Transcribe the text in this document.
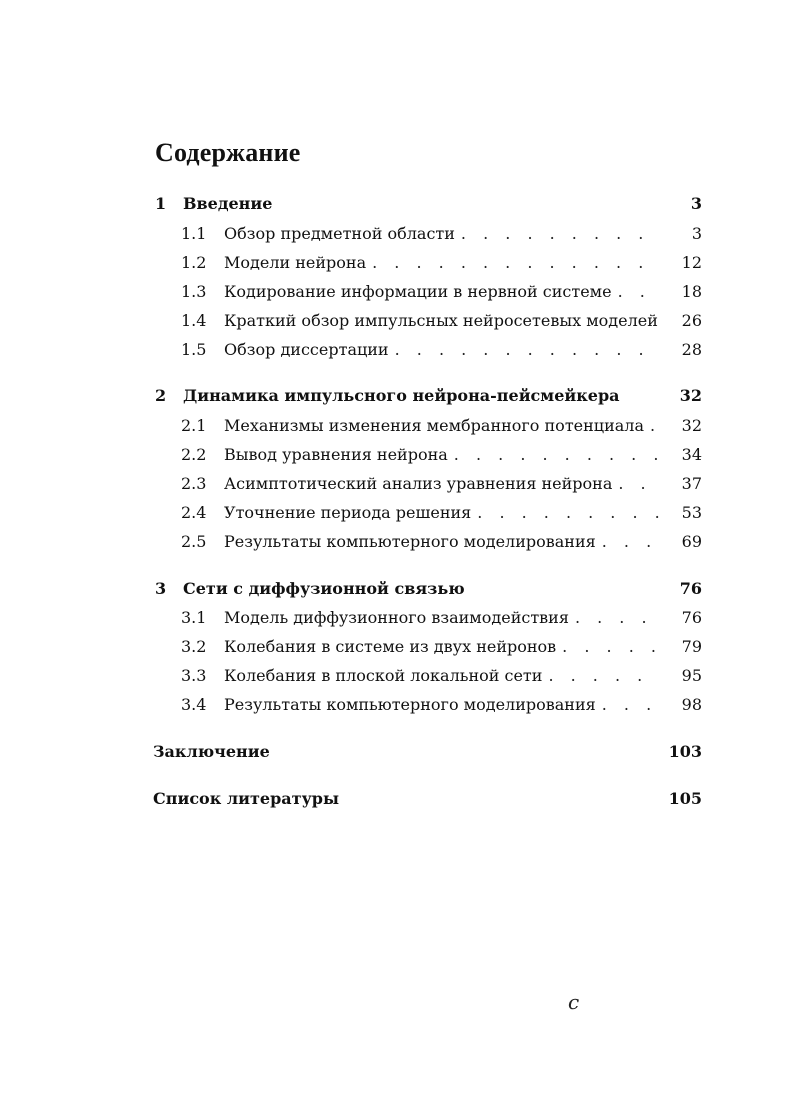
Содержание
1 Введение	3
1.1 Обзор предметной области . . .	3
1.2 Модели нейрона . . .	12
1.3 Кодирование информации в нервной системе . . .	18
1.4 Краткий обзор импульсных нейросетевых моделей	26
1.5 Обзор диссертации . . .	28
2 Динамика импульсного нейрона-пейсмейкера	32
2.1 Механизмы изменения мембранного потенциала . . .	32
2.2 Вывод уравнения нейрона . . .	34
2.3 Асимптотический анализ уравнения нейрона . . .	37
2.4 Уточнение периода решения . . .	53
2.5 Результаты компьютерного моделирования . . .	69
3 Сети с диффузионной связью	76
3.1 Модель диффузионного взаимодействия . . .	76
3.2 Колебания в системе из двух нейронов . . .	79
3.3 Колебания в плоской локальной сети . . .	95
3.4 Результаты компьютерного моделирования . . .	98
Заключение	103
Список литературы	105
с
